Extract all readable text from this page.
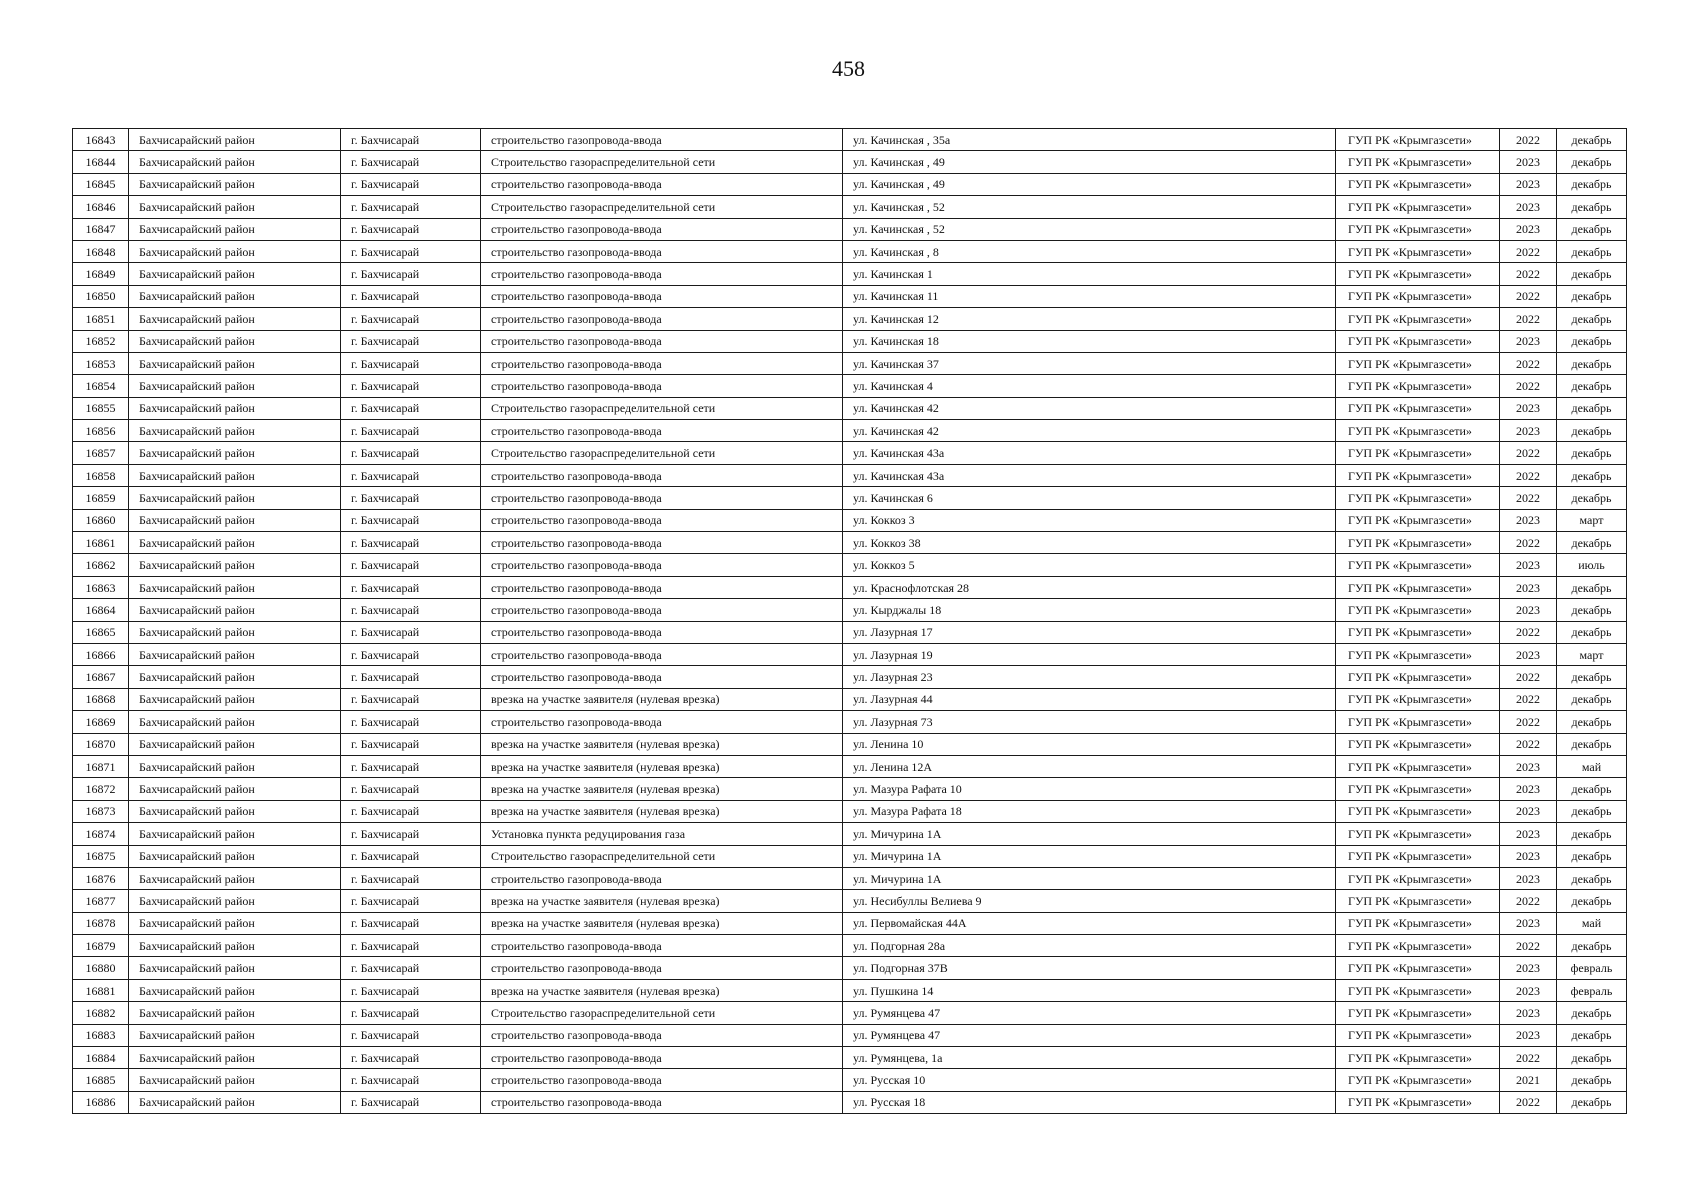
458
16843	Бахчисарайский район	г. Бахчисарай	строительство газопровода-ввода	ул. Качинская , 35а	ГУП РК «Крымгазсети»	2022	декабрь
16844	Бахчисарайский район	г. Бахчисарай	Строительство газораспределительной сети	ул. Качинская , 49	ГУП РК «Крымгазсети»	2023	декабрь
16845	Бахчисарайский район	г. Бахчисарай	строительство газопровода-ввода	ул. Качинская , 49	ГУП РК «Крымгазсети»	2023	декабрь
16846	Бахчисарайский район	г. Бахчисарай	Строительство газораспределительной сети	ул. Качинская , 52	ГУП РК «Крымгазсети»	2023	декабрь
16847	Бахчисарайский район	г. Бахчисарай	строительство газопровода-ввода	ул. Качинская , 52	ГУП РК «Крымгазсети»	2023	декабрь
16848	Бахчисарайский район	г. Бахчисарай	строительство газопровода-ввода	ул. Качинская , 8	ГУП РК «Крымгазсети»	2022	декабрь
16849	Бахчисарайский район	г. Бахчисарай	строительство газопровода-ввода	ул. Качинская 1	ГУП РК «Крымгазсети»	2022	декабрь
16850	Бахчисарайский район	г. Бахчисарай	строительство газопровода-ввода	ул. Качинская 11	ГУП РК «Крымгазсети»	2022	декабрь
16851	Бахчисарайский район	г. Бахчисарай	строительство газопровода-ввода	ул. Качинская 12	ГУП РК «Крымгазсети»	2022	декабрь
16852	Бахчисарайский район	г. Бахчисарай	строительство газопровода-ввода	ул. Качинская 18	ГУП РК «Крымгазсети»	2023	декабрь
16853	Бахчисарайский район	г. Бахчисарай	строительство газопровода-ввода	ул. Качинская 37	ГУП РК «Крымгазсети»	2022	декабрь
16854	Бахчисарайский район	г. Бахчисарай	строительство газопровода-ввода	ул. Качинская 4	ГУП РК «Крымгазсети»	2022	декабрь
16855	Бахчисарайский район	г. Бахчисарай	Строительство газораспределительной сети	ул. Качинская 42	ГУП РК «Крымгазсети»	2023	декабрь
16856	Бахчисарайский район	г. Бахчисарай	строительство газопровода-ввода	ул. Качинская 42	ГУП РК «Крымгазсети»	2023	декабрь
16857	Бахчисарайский район	г. Бахчисарай	Строительство газораспределительной сети	ул. Качинская 43а	ГУП РК «Крымгазсети»	2022	декабрь
16858	Бахчисарайский район	г. Бахчисарай	строительство газопровода-ввода	ул. Качинская 43а	ГУП РК «Крымгазсети»	2022	декабрь
16859	Бахчисарайский район	г. Бахчисарай	строительство газопровода-ввода	ул. Качинская 6	ГУП РК «Крымгазсети»	2022	декабрь
16860	Бахчисарайский район	г. Бахчисарай	строительство газопровода-ввода	ул. Коккоз 3	ГУП РК «Крымгазсети»	2023	март
16861	Бахчисарайский район	г. Бахчисарай	строительство газопровода-ввода	ул. Коккоз 38	ГУП РК «Крымгазсети»	2022	декабрь
16862	Бахчисарайский район	г. Бахчисарай	строительство газопровода-ввода	ул. Коккоз 5	ГУП РК «Крымгазсети»	2023	июль
16863	Бахчисарайский район	г. Бахчисарай	строительство газопровода-ввода	ул. Краснофлотская 28	ГУП РК «Крымгазсети»	2023	декабрь
16864	Бахчисарайский район	г. Бахчисарай	строительство газопровода-ввода	ул. Кырджалы 18	ГУП РК «Крымгазсети»	2023	декабрь
16865	Бахчисарайский район	г. Бахчисарай	строительство газопровода-ввода	ул. Лазурная 17	ГУП РК «Крымгазсети»	2022	декабрь
16866	Бахчисарайский район	г. Бахчисарай	строительство газопровода-ввода	ул. Лазурная 19	ГУП РК «Крымгазсети»	2023	март
16867	Бахчисарайский район	г. Бахчисарай	строительство газопровода-ввода	ул. Лазурная 23	ГУП РК «Крымгазсети»	2022	декабрь
16868	Бахчисарайский район	г. Бахчисарай	врезка на участке заявителя (нулевая врезка)	ул. Лазурная 44	ГУП РК «Крымгазсети»	2022	декабрь
16869	Бахчисарайский район	г. Бахчисарай	строительство газопровода-ввода	ул. Лазурная 73	ГУП РК «Крымгазсети»	2022	декабрь
16870	Бахчисарайский район	г. Бахчисарай	врезка на участке заявителя (нулевая врезка)	ул. Ленина 10	ГУП РК «Крымгазсети»	2022	декабрь
16871	Бахчисарайский район	г. Бахчисарай	врезка на участке заявителя (нулевая врезка)	ул. Ленина 12А	ГУП РК «Крымгазсети»	2023	май
16872	Бахчисарайский район	г. Бахчисарай	врезка на участке заявителя (нулевая врезка)	ул. Мазура Рафата 10	ГУП РК «Крымгазсети»	2023	декабрь
16873	Бахчисарайский район	г. Бахчисарай	врезка на участке заявителя (нулевая врезка)	ул. Мазура Рафата 18	ГУП РК «Крымгазсети»	2023	декабрь
16874	Бахчисарайский район	г. Бахчисарай	Установка пункта редуцирования газа	ул. Мичурина 1А	ГУП РК «Крымгазсети»	2023	декабрь
16875	Бахчисарайский район	г. Бахчисарай	Строительство газораспределительной сети	ул. Мичурина 1А	ГУП РК «Крымгазсети»	2023	декабрь
16876	Бахчисарайский район	г. Бахчисарай	строительство газопровода-ввода	ул. Мичурина 1А	ГУП РК «Крымгазсети»	2023	декабрь
16877	Бахчисарайский район	г. Бахчисарай	врезка на участке заявителя (нулевая врезка)	ул. Несибуллы Велиева 9	ГУП РК «Крымгазсети»	2022	декабрь
16878	Бахчисарайский район	г. Бахчисарай	врезка на участке заявителя (нулевая врезка)	ул. Первомайская 44А	ГУП РК «Крымгазсети»	2023	май
16879	Бахчисарайский район	г. Бахчисарай	строительство газопровода-ввода	ул. Подгорная 28а	ГУП РК «Крымгазсети»	2022	декабрь
16880	Бахчисарайский район	г. Бахчисарай	строительство газопровода-ввода	ул. Подгорная 37В	ГУП РК «Крымгазсети»	2023	февраль
16881	Бахчисарайский район	г. Бахчисарай	врезка на участке заявителя (нулевая врезка)	ул. Пушкина 14	ГУП РК «Крымгазсети»	2023	февраль
16882	Бахчисарайский район	г. Бахчисарай	Строительство газораспределительной сети	ул. Румянцева 47	ГУП РК «Крымгазсети»	2023	декабрь
16883	Бахчисарайский район	г. Бахчисарай	строительство газопровода-ввода	ул. Румянцева 47	ГУП РК «Крымгазсети»	2023	декабрь
16884	Бахчисарайский район	г. Бахчисарай	строительство газопровода-ввода	ул. Румянцева, 1а	ГУП РК «Крымгазсети»	2022	декабрь
16885	Бахчисарайский район	г. Бахчисарай	строительство газопровода-ввода	ул. Русская 10	ГУП РК «Крымгазсети»	2021	декабрь
16886	Бахчисарайский район	г. Бахчисарай	строительство газопровода-ввода	ул. Русская 18	ГУП РК «Крымгазсети»	2022	декабрь
